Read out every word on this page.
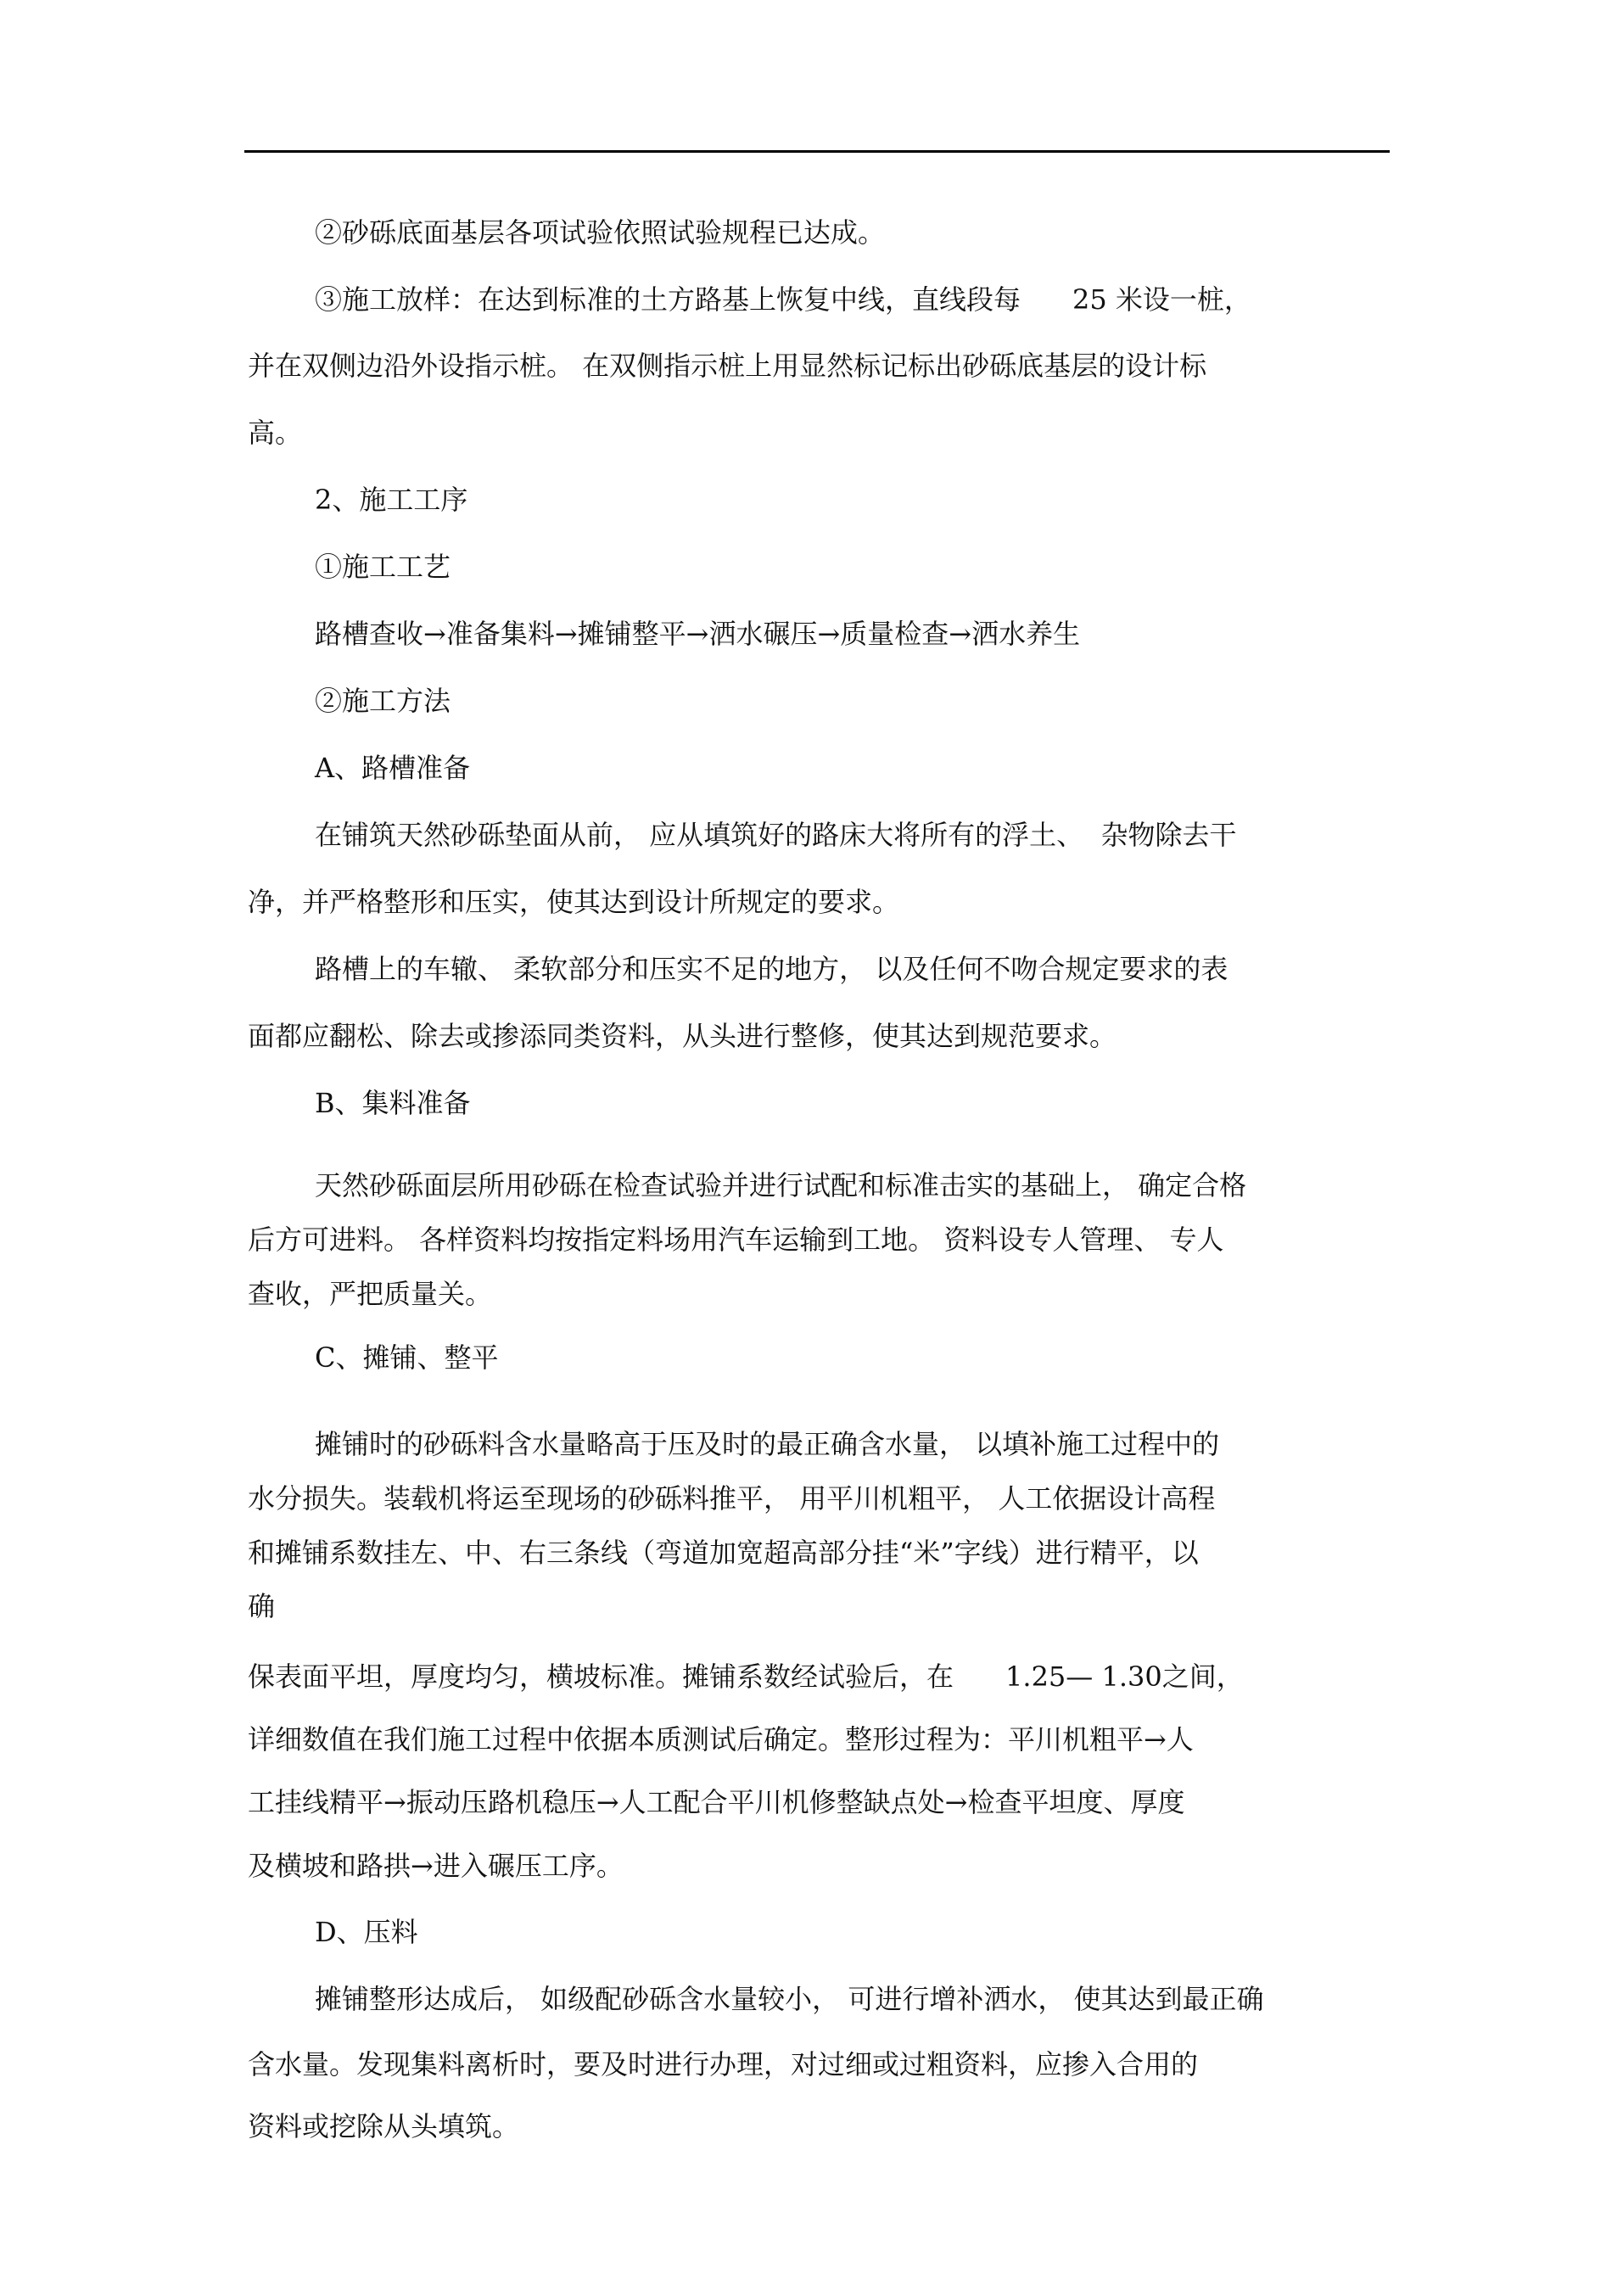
②砂砾底面基层各项试验依照试验规程已达成。

③施工放样：在达到标准的土方路基上恢复中线，直线段每      25 米设一桩，

并在双侧边沿外设指示桩。 在双侧指示桩上用显然标记标出砂砾底基层的设计标

高。

2、施工工序

①施工工艺

路槽查收→准备集料→摊铺整平→洒水碾压→质量检查→洒水养生

②施工方法

A、路槽准备

在铺筑天然砂砾垫面从前， 应从填筑好的路床大将所有的浮土、  杂物除去干

净，并严格整形和压实，使其达到设计所规定的要求。

路槽上的车辙、 柔软部分和压实不足的地方， 以及任何不吻合规定要求的表

面都应翻松、除去或掺添同类资料，从头进行整修，使其达到规范要求。

B、集料准备

天然砂砾面层所用砂砾在检查试验并进行试配和标准击实的基础上， 确定合格

后方可进料。 各样资料均按指定料场用汽车运输到工地。 资料设专人管理、 专人

查收，严把质量关。

C、摊铺、整平

摊铺时的砂砾料含水量略高于压及时的最正确含水量， 以填补施工过程中的

水分损失。装载机将运至现场的砂砾料推平， 用平川机粗平， 人工依据设计高程

和摊铺系数挂左、中、右三条线（弯道加宽超高部分挂“米”字线）进行精平，以

确

保表面平坦，厚度均匀，横坡标准。摊铺系数经试验后，在      1.25— 1.30之间，

详细数值在我们施工过程中依据本质测试后确定。整形过程为：平川机粗平→人

工挂线精平→振动压路机稳压→人工配合平川机修整缺点处→检查平坦度、厚度

及横坡和路拱→进入碾压工序。

D、压料

摊铺整形达成后， 如级配砂砾含水量较小， 可进行增补洒水， 使其达到最正确

含水量。发现集料离析时，要及时进行办理，对过细或过粗资料，应掺入合用的

资料或挖除从头填筑。
